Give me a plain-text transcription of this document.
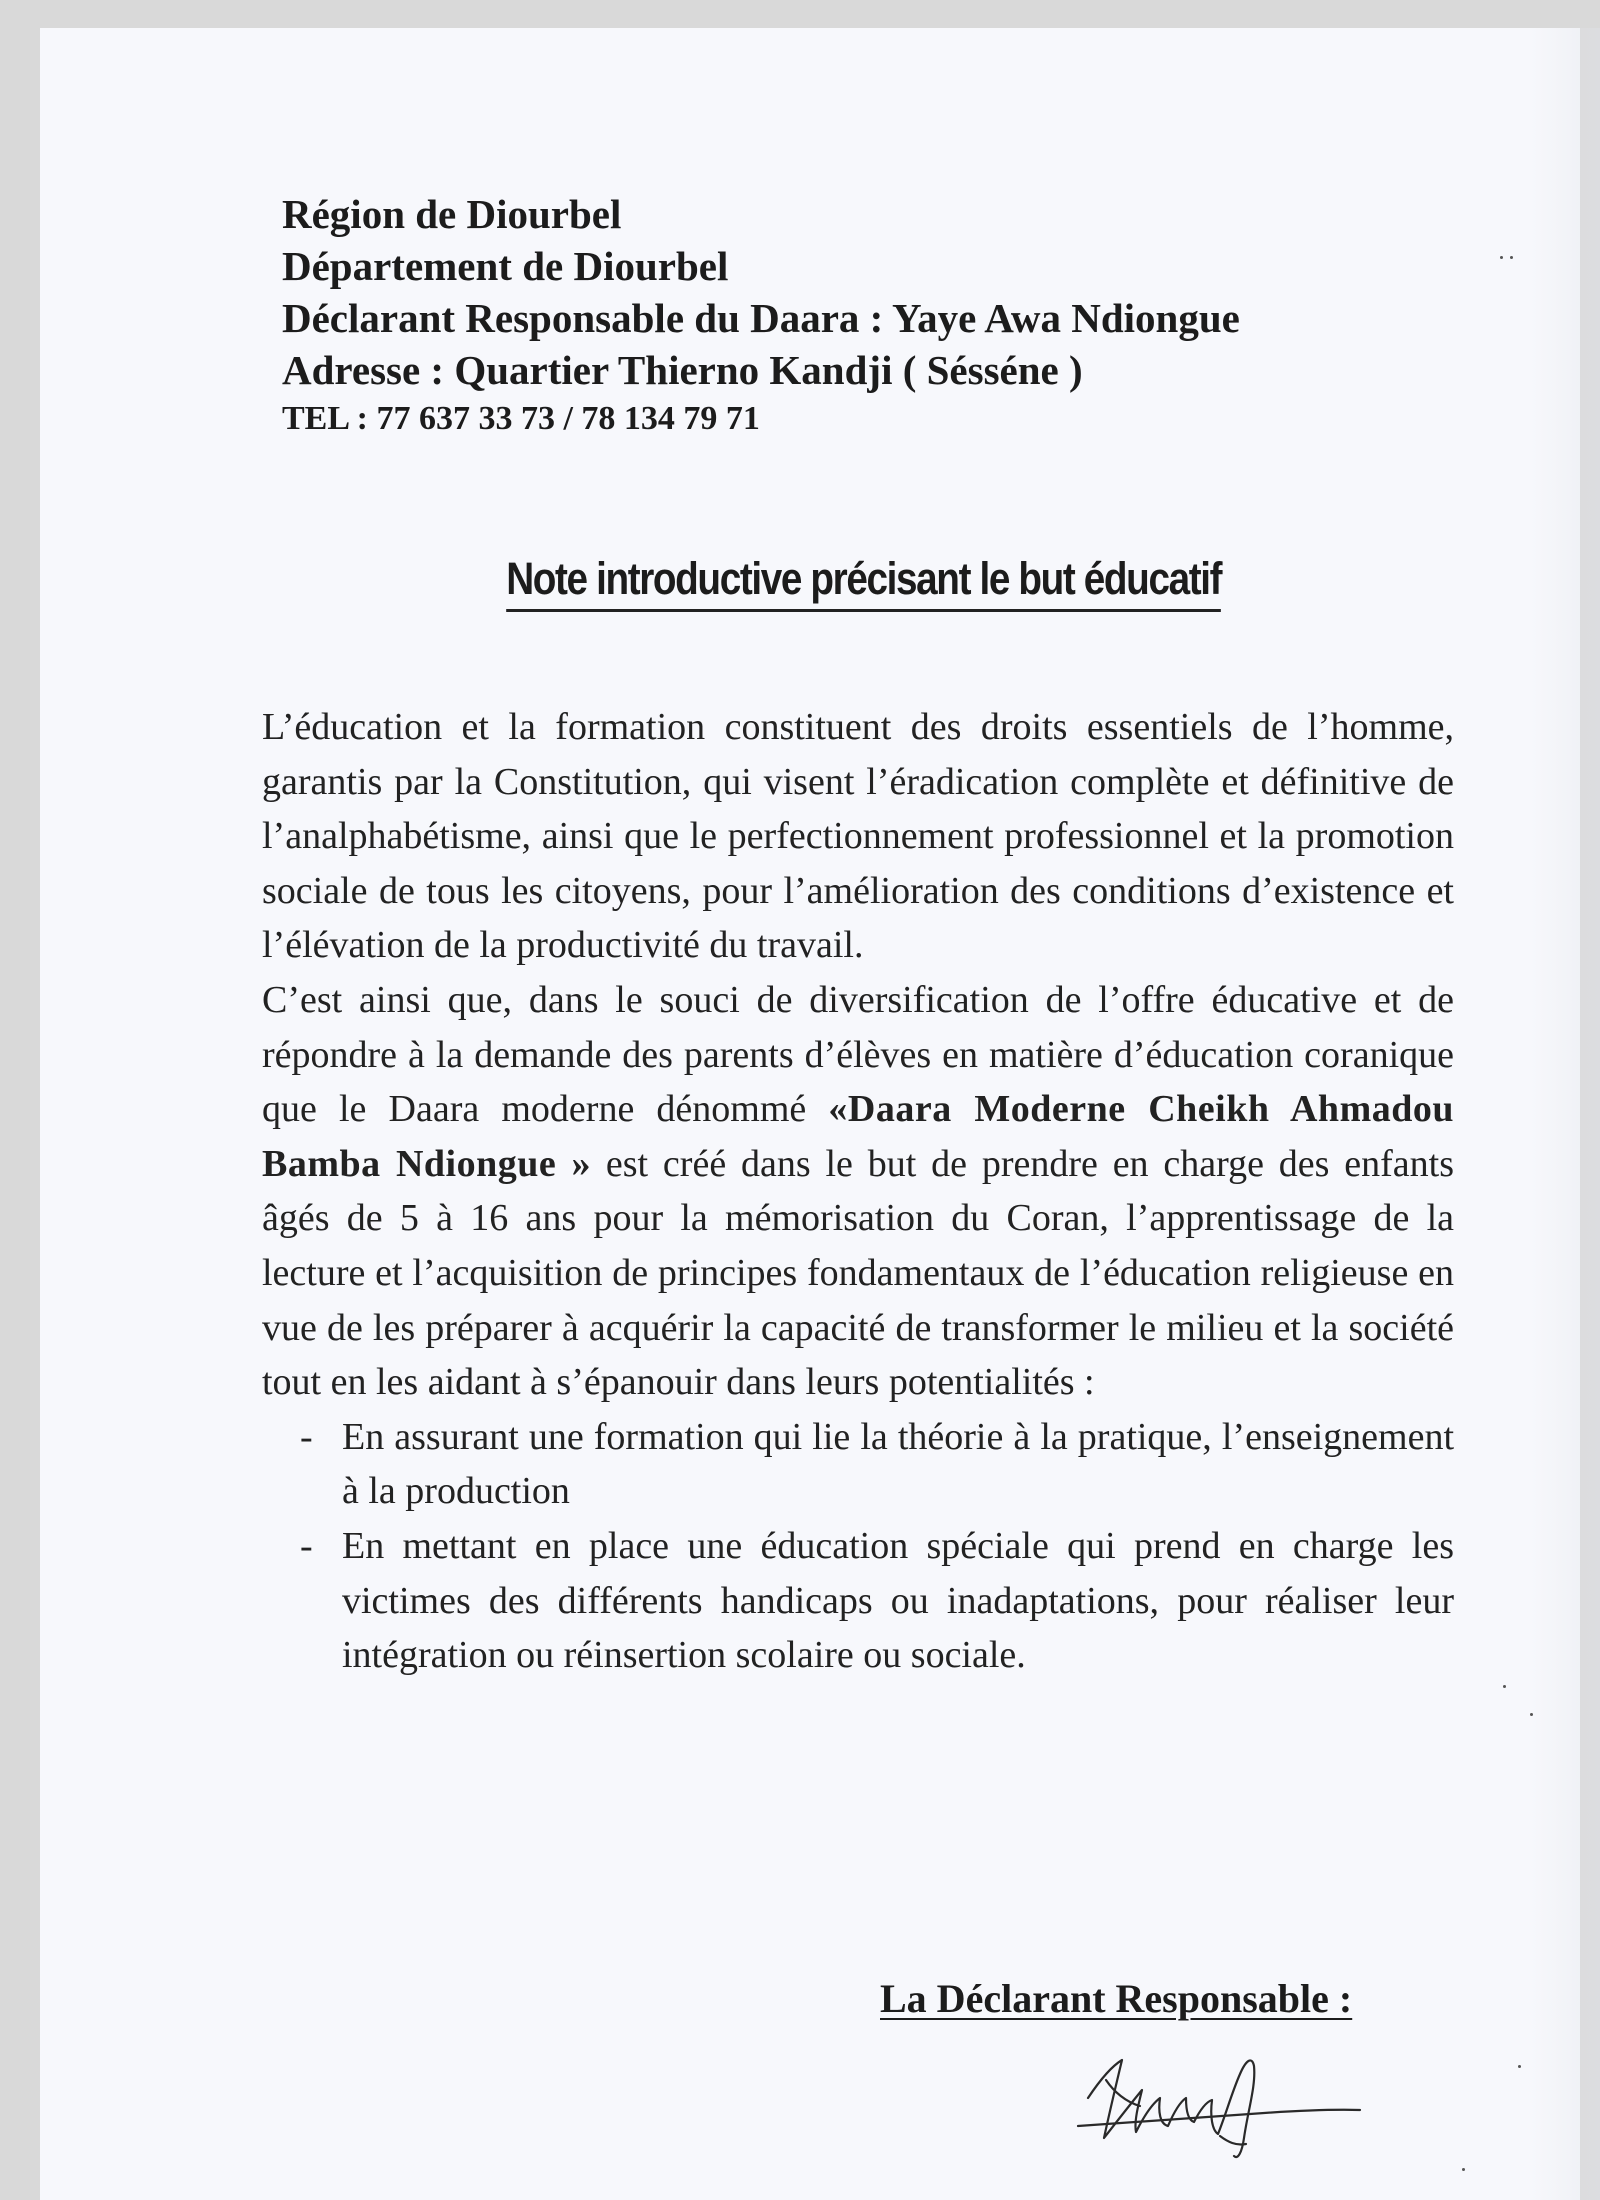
Région de Diourbel
Département de Diourbel
Déclarant Responsable du Daara : Yaye Awa Ndiongue
Adresse : Quartier Thierno Kandji ( Sésséne )
TEL : 77 637 33 73 / 78 134 79 71
Note introductive précisant le but éducatif

L’éducation et la formation constituent des droits essentiels de l’homme, garantis par la Constitution, qui visent l’éradication complète et définitive de l’analphabétisme, ainsi que le perfectionnement professionnel et la promotion sociale de tous les citoyens, pour l’amélioration des conditions d’existence et l’élévation de la productivité du travail.

C’est ainsi que, dans le souci de diversification de l’offre éducative et de répondre à la demande des parents d’élèves en matière d’éducation coranique que le Daara moderne dénommé «Daara Moderne Cheikh Ahmadou Bamba Ndiongue » est créé dans le but de prendre en charge des enfants âgés de 5 à 16 ans pour la mémorisation du Coran, l’apprentissage de la lecture et l’acquisition de principes fondamentaux de l’éducation religieuse en vue de les préparer à acquérir la capacité de transformer le milieu et la société tout en les aidant à s’épanouir dans leurs potentialités :

- En assurant une formation qui lie la théorie à la pratique, l’enseignement à la production
- En mettant en place une éducation spéciale qui prend en charge les victimes des différents handicaps ou inadaptations, pour réaliser leur intégration ou réinsertion scolaire ou sociale.
La Déclarant Responsable :
